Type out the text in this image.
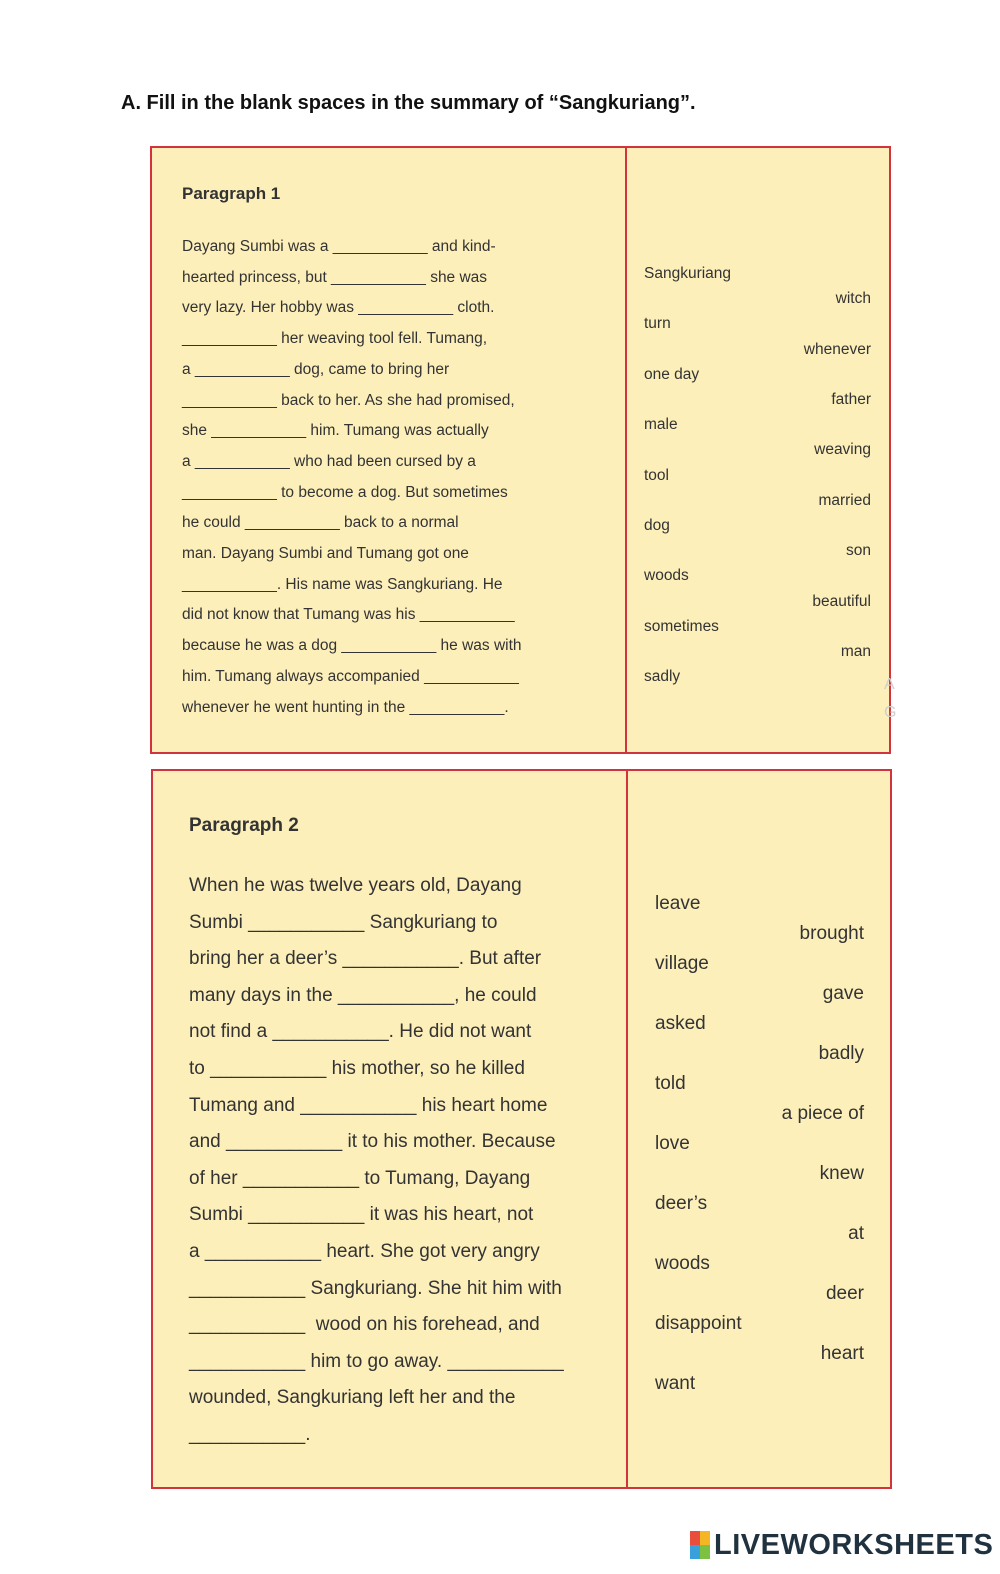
A. Fill in the blank spaces in the summary of “Sangkuriang”.
Paragraph 1
Dayang Sumbi was a ___________ and kind-
hearted princess, but ___________ she was
very lazy. Her hobby was ___________ cloth.
___________ her weaving tool fell. Tumang,
a ___________ dog, came to bring her
___________ back to her. As she had promised,
she ___________ him. Tumang was actually
a ___________ who had been cursed by a
___________ to become a dog. But sometimes
he could ___________ back to a normal
man. Dayang Sumbi and Tumang got one
___________. His name was Sangkuriang. He
did not know that Tumang was his ___________
because he was a dog ___________ he was with
him. Tumang always accompanied ___________
whenever he went hunting in the ___________.
Sangkuriang
witch
turn
whenever
one day
father
male
weaving
tool
married
dog
son
woods
beautiful
sometimes
man
sadly	A
G
Paragraph 2
When he was twelve years old, Dayang
Sumbi ___________ Sangkuriang to
bring her a deer’s ___________. But after
many days in the ___________, he could
not find a ___________. He did not want
to ___________ his mother, so he killed
Tumang and ___________ his heart home
and ___________ it to his mother. Because
of her ___________ to Tumang, Dayang
Sumbi ___________ it was his heart, not
a ___________ heart. She got very angry
___________ Sangkuriang. She hit him with
___________  wood on his forehead, and
___________ him to go away. ___________
wounded, Sangkuriang left her and the
___________.
leave
brought
village
gave
asked
badly
told
a piece of
love
knew
deer’s
at
woods
deer
disappoint
heart
want
LIVEWORKSHEETS
